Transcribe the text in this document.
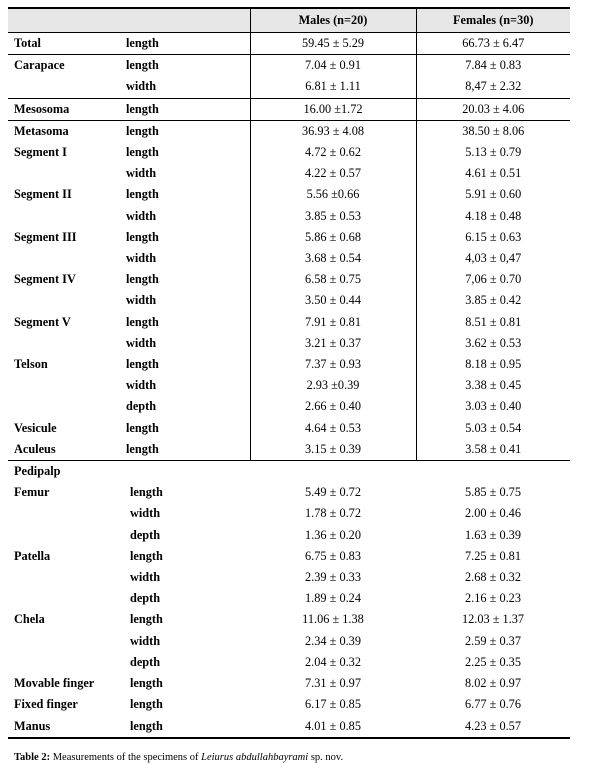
		Males (n=20)	Females (n=30)
Total	length	59.45 ± 5.29	66.73 ± 6.47
Carapace	length	7.04 ± 0.91	7.84 ± 0.83
	width	6.81 ± 1.11	8,47 ± 2.32
Mesosoma	length	16.00 ±1.72	20.03 ± 4.06
Metasoma	length	36.93 ± 4.08	38.50 ± 8.06
Segment I	length	4.72 ± 0.62	5.13 ± 0.79
	width	4.22 ± 0.57	4.61 ± 0.51
Segment II	length	5.56 ±0.66	5.91 ± 0.60
	width	3.85 ± 0.53	4.18 ± 0.48
Segment III	length	5.86 ± 0.68	6.15 ± 0.63
	width	3.68 ± 0.54	4,03 ± 0,47
Segment IV	length	6.58 ± 0.75	7,06 ± 0.70
	width	3.50 ± 0.44	3.85 ± 0.42
Segment V	length	7.91 ± 0.81	8.51 ± 0.81
	width	3.21 ± 0.37	3.62 ± 0.53
Telson	length	7.37 ± 0.93	8.18 ± 0.95
	width	2.93 ±0.39	3.38 ± 0.45
	depth	2.66 ± 0.40	3.03 ± 0.40
Vesicule	length	4.64 ± 0.53	5.03 ± 0.54
Aculeus	length	3.15 ± 0.39	3.58 ± 0.41
Pedipalp			
Femur	length	5.49 ± 0.72	5.85 ± 0.75
	width	1.78 ± 0.72	2.00 ± 0.46
	depth	1.36 ± 0.20	1.63 ± 0.39
Patella	length	6.75 ± 0.83	7.25 ± 0.81
	width	2.39 ± 0.33	2.68 ± 0.32
	depth	1.89 ± 0.24	2.16 ± 0.23
Chela	length	11.06 ± 1.38	12.03 ± 1.37
	width	2.34 ± 0.39	2.59 ± 0.37
	depth	2.04 ± 0.32	2.25 ± 0.35
Movable finger	length	7.31 ± 0.97	8.02 ± 0.97
Fixed finger	length	6.17 ± 0.85	6.77 ± 0.76
Manus	length	4.01 ± 0.85	4.23 ± 0.57
Table 2: Measurements of the specimens of Leiurus abdullahbayrami sp. nov.
